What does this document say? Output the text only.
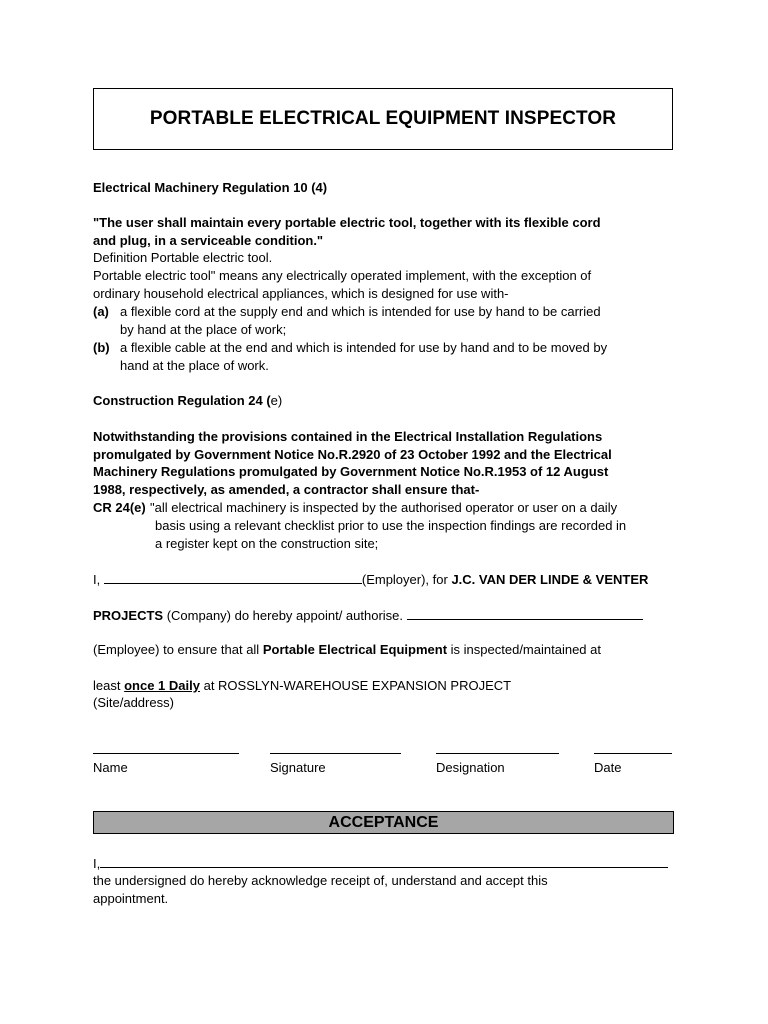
PORTABLE ELECTRICAL EQUIPMENT INSPECTOR
Electrical Machinery Regulation 10 (4)
"The user shall maintain every portable electric tool, together with its flexible cord
and plug, in a serviceable condition."
Definition Portable electric tool.
Portable electric tool" means any electrically operated implement, with the exception of
ordinary household electrical appliances, which is designed for use with-
(a) a flexible cord at the supply end and which is intended for use by hand to be carried
by hand at the place of work;
(b) a flexible cable at the end and which is intended for use by hand and to be moved by
hand at the place of work.
Construction Regulation 24 (e)
Notwithstanding the provisions contained in the Electrical Installation Regulations
promulgated by Government Notice No.R.2920 of 23 October 1992 and the Electrical
Machinery Regulations promulgated by Government Notice No.R.1953 of 12 August
1988, respectively, as amended, a contractor shall ensure that-
CR 24(e) "all electrical machinery is inspected by the authorised operator or user on a daily
basis using a relevant checklist prior to use the inspection findings are recorded in
a register kept on the construction site;
I,	(Employer), for J.C. VAN DER LINDE & VENTER
PROJECTS (Company) do hereby appoint/ authorise.
(Employee) to ensure that all Portable Electrical Equipment is inspected/maintained at
least once 1 Daily at ROSSLYN-WAREHOUSE EXPANSION PROJECT
(Site/address)
Name	Signature	Designation	Date
ACCEPTANCE
I,
the undersigned do hereby acknowledge receipt of, understand and accept this
appointment.
